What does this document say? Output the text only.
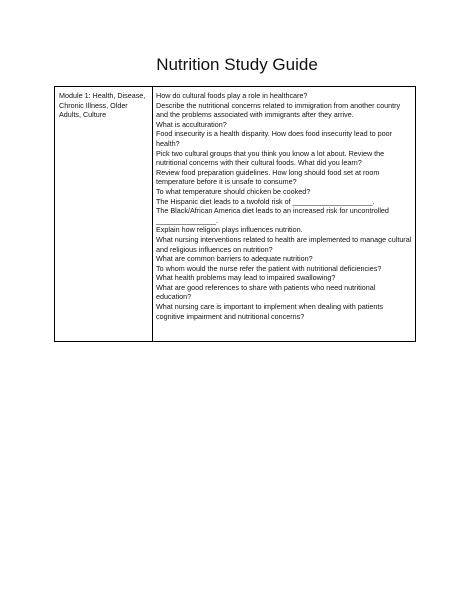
Nutrition Study Guide
Module 1: Health, Disease, Chronic Illness, Older Adults, Culture
How do cultural foods play a role in healthcare?
Describe the nutritional concerns related to immigration from another country and the problems associated with immigrants after they arrive.
What is acculturation?
Food insecurity is a health disparity. How does food insecurity lead to poor health?
Pick two cultural groups that you think you know a lot about. Review the nutritional concerns with their cultural foods. What did you learn?
Review food preparation guidelines. How long should food set at room temperature before it is unsafe to consume?
To what temperature should chicken be cooked?
The Hispanic diet leads to a twofold risk of ____________________.
The Black/African America diet leads to an increased risk for uncontrolled _______________.
Explain how religion plays influences nutrition.
What nursing interventions related to health are implemented to manage cultural and religious influences on nutrition?
What are common barriers to adequate nutrition?
To whom would the nurse refer the patient with nutritional deficiencies?
What health problems may lead to impaired swallowing?
What are good references to share with patients who need nutritional education?
What nursing care is important to implement when dealing with patients cognitive impairment and nutritional concerns?
